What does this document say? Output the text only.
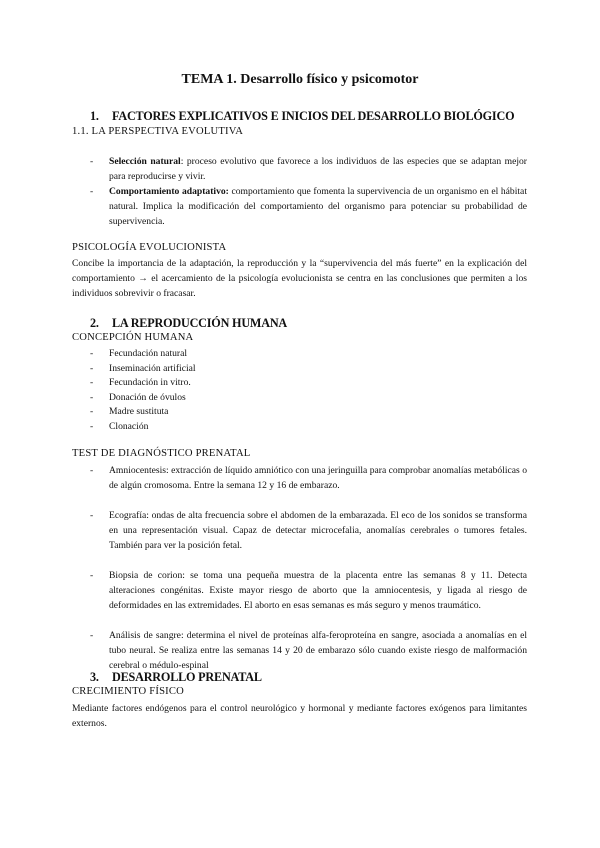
TEMA 1. Desarrollo físico y psicomotor
1. FACTORES EXPLICATIVOS E INICIOS DEL DESARROLLO BIOLÓGICO
1.1. LA PERSPECTIVA EVOLUTIVA
- Selección natural: proceso evolutivo que favorece a los individuos de las especies que se adaptan mejor para reproducirse y vivir.
- Comportamiento adaptativo: comportamiento que fomenta la supervivencia de un organismo en el hábitat natural. Implica la modificación del comportamiento del organismo para potenciar su probabilidad de supervivencia.
PSICOLOGÍA EVOLUCIONISTA
Concibe la importancia de la adaptación, la reproducción y la “supervivencia del más fuerte” en la explicación del comportamiento → el acercamiento de la psicología evolucionista se centra en las conclusiones que permiten a los individuos sobrevivir o fracasar.
2. LA REPRODUCCIÓN HUMANA
CONCEPCIÓN HUMANA
- Fecundación natural
- Inseminación artificial
- Fecundación in vitro.
- Donación de óvulos
- Madre sustituta
- Clonación
TEST DE DIAGNÓSTICO PRENATAL
- Amniocentesis: extracción de líquido amniótico con una jeringuilla para comprobar anomalías metabólicas o de algún cromosoma. Entre la semana 12 y 16 de embarazo.
- Ecografía: ondas de alta frecuencia sobre el abdomen de la embarazada. El eco de los sonidos se transforma en una representación visual. Capaz de detectar microcefalia, anomalías cerebrales o tumores fetales. También para ver la posición fetal.
- Biopsia de corion: se toma una pequeña muestra de la placenta entre las semanas 8 y 11. Detecta alteraciones congénitas. Existe mayor riesgo de aborto que la amniocentesis, y ligada al riesgo de deformidades en las extremidades. El aborto en esas semanas es más seguro y menos traumático.
- Análisis de sangre: determina el nivel de proteínas alfa-feroproteína en sangre, asociada a anomalías en el tubo neural. Se realiza entre las semanas 14 y 20 de embarazo sólo cuando existe riesgo de malformación cerebral o médulo-espinal
3. DESARROLLO PRENATAL
CRECIMIENTO FÍSICO
Mediante factores endógenos para el control neurológico y hormonal y mediante factores exógenos para limitantes externos.
